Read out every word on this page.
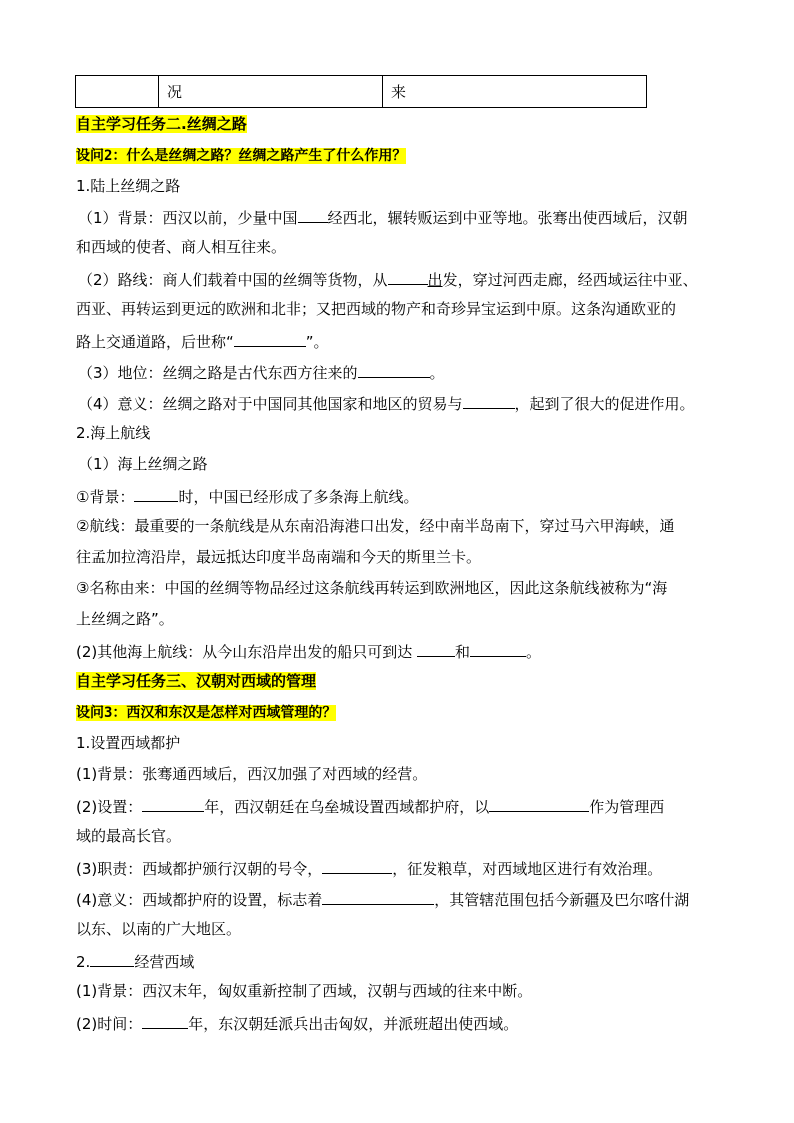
	况	来
自主学习任务二.丝绸之路
设问2：什么是丝绸之路？丝绸之路产生了什么作用？
1.陆上丝绸之路
（1）背景：西汉以前，少量中国 经西北，辗转贩运到中亚等地。张骞出使西域后，汉朝
和西域的使者、商人相互往来。
（2）路线：商人们载着中国的丝绸等货物，从	出发，穿过河西走廊，经西域运往中亚、
西亚、再转运到更远的欧洲和北非；又把西域的物产和奇珍异宝运到中原。这条沟通欧亚的
路上交通道路，后世称“	”。
（3）地位：丝绸之路是古代东西方往来的	。
（4）意义：丝绸之路对于中国同其他国家和地区的贸易与	，起到了很大的促进作用。
2.海上航线
（1）海上丝绸之路
①背景：	时，中国已经形成了多条海上航线。
②航线：最重要的一条航线是从东南沿海港口出发，经中南半岛南下，穿过马六甲海峡，通
往孟加拉湾沿岸，最远抵达印度半岛南端和今天的斯里兰卡。
③名称由来：中国的丝绸等物品经过这条航线再转运到欧洲地区，因此这条航线被称为“海
上丝绸之路”。
(2)其他海上航线：从今山东沿岸出发的船只可到达	和	。
自主学习任务三、汉朝对西域的管理
设问3：西汉和东汉是怎样对西域管理的？
1.设置西域都护
(1)背景：张骞通西域后，西汉加强了对西域的经营。
(2)设置：	年，西汉朝廷在乌垒城设置西域都护府，以	作为管理西
域的最高长官。
(3)职责：西域都护颁行汉朝的号令，	，征发粮草，对西域地区进行有效治理。
(4)意义：西域都护府的设置，标志着	，其管辖范围包括今新疆及巴尔喀什湖
以东、以南的广大地区。
2.	经营西域
(1)背景：西汉末年，匈奴重新控制了西域，汉朝与西域的往来中断。
(2)时间：	年，东汉朝廷派兵出击匈奴，并派班超出使西域。
